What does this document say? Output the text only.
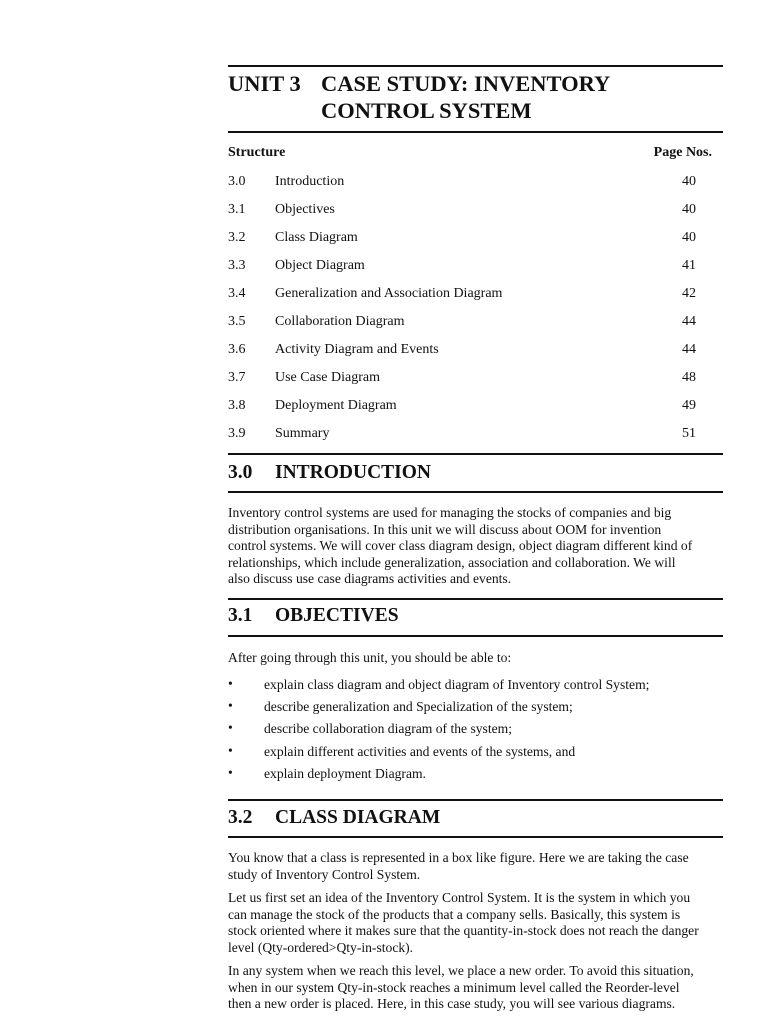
UNIT 3 CASE STUDY: INVENTORY
CONTROL SYSTEM
Structure	Page Nos.
3.0 Introduction	40
3.1 Objectives	40
3.2 Class Diagram	40
3.3 Object Diagram	41
3.4 Generalization and Association Diagram	42
3.5 Collaboration Diagram	44
3.6 Activity Diagram and Events	44
3.7 Use Case Diagram	48
3.8 Deployment Diagram	49
3.9 Summary	51
3.0 INTRODUCTION
Inventory control systems are used for managing the stocks of companies and big
distribution organisations. In this unit we will discuss about OOM for invention
control systems. We will cover class diagram design, object diagram different kind of
relationships, which include generalization, association and collaboration. We will
also discuss use case diagrams activities and events.
3.1 OBJECTIVES
After going through this unit, you should be able to:
• explain class diagram and object diagram of Inventory control System;
• describe generalization and Specialization of the system;
• describe collaboration diagram of the system;
• explain different activities and events of the systems, and
• explain deployment Diagram.
3.2 CLASS DIAGRAM
You know that a class is represented in a box like figure. Here we are taking the case
study of Inventory Control System.
Let us first set an idea of the Inventory Control System. It is the system in which you
can manage the stock of the products that a company sells. Basically, this system is
stock oriented where it makes sure that the quantity-in-stock does not reach the danger
level (Qty-ordered>Qty-in-stock).
In any system when we reach this level, we place a new order. To avoid this situation,
when in our system Qty-in-stock reaches a minimum level called the Reorder-level
then a new order is placed. Here, in this case study, you will see various diagrams.
